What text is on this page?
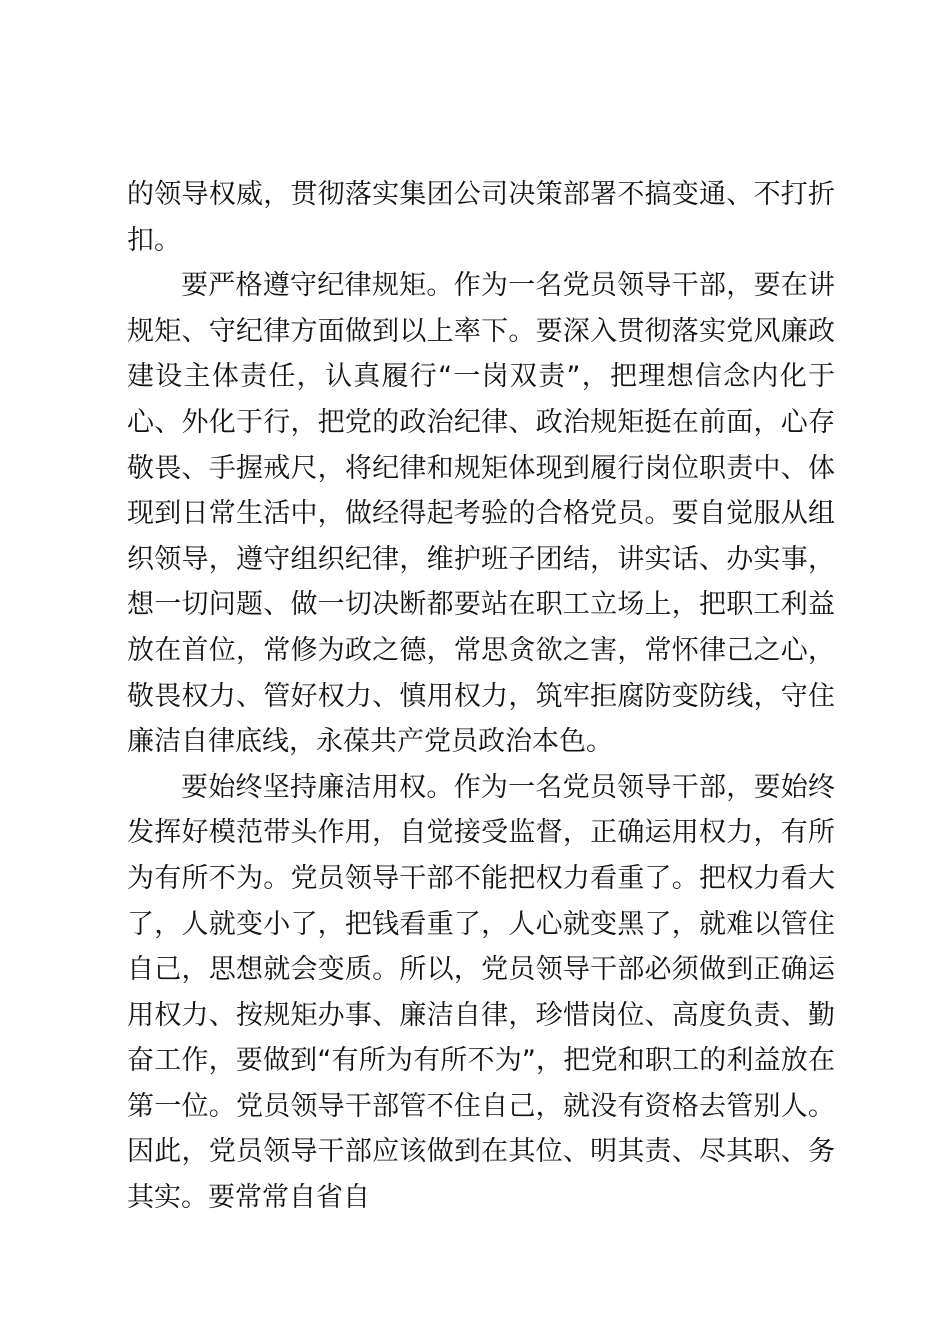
的领导权威，贯彻落实集团公司决策部署不搞变通、不打折扣。

要严格遵守纪律规矩。作为一名党员领导干部，要在讲规矩、守纪律方面做到以上率下。要深入贯彻落实党风廉政建设主体责任，认真履行“一岗双责”，把理想信念内化于心、外化于行，把党的政治纪律、政治规矩挺在前面，心存敬畏、手握戒尺，将纪律和规矩体现到履行岗位职责中、体现到日常生活中，做经得起考验的合格党员。要自觉服从组织领导，遵守组织纪律，维护班子团结，讲实话、办实事，想一切问题、做一切决断都要站在职工立场上，把职工利益放在首位，常修为政之德，常思贪欲之害，常怀律己之心，敬畏权力、管好权力、慎用权力，筑牢拒腐防变防线，守住廉洁自律底线，永葆共产党员政治本色。

要始终坚持廉洁用权。作为一名党员领导干部，要始终发挥好模范带头作用，自觉接受监督，正确运用权力，有所为有所不为。党员领导干部不能把权力看重了。把权力看大了，人就变小了，把钱看重了，人心就变黑了，就难以管住自己，思想就会变质。所以，党员领导干部必须做到正确运用权力、按规矩办事、廉洁自律，珍惜岗位、高度负责、勤奋工作，要做到“有所为有所不为”，把党和职工的利益放在第一位。党员领导干部管不住自己，就没有资格去管别人。因此，党员领导干部应该做到在其位、明其责、尽其职、务其实。要常常自省自
